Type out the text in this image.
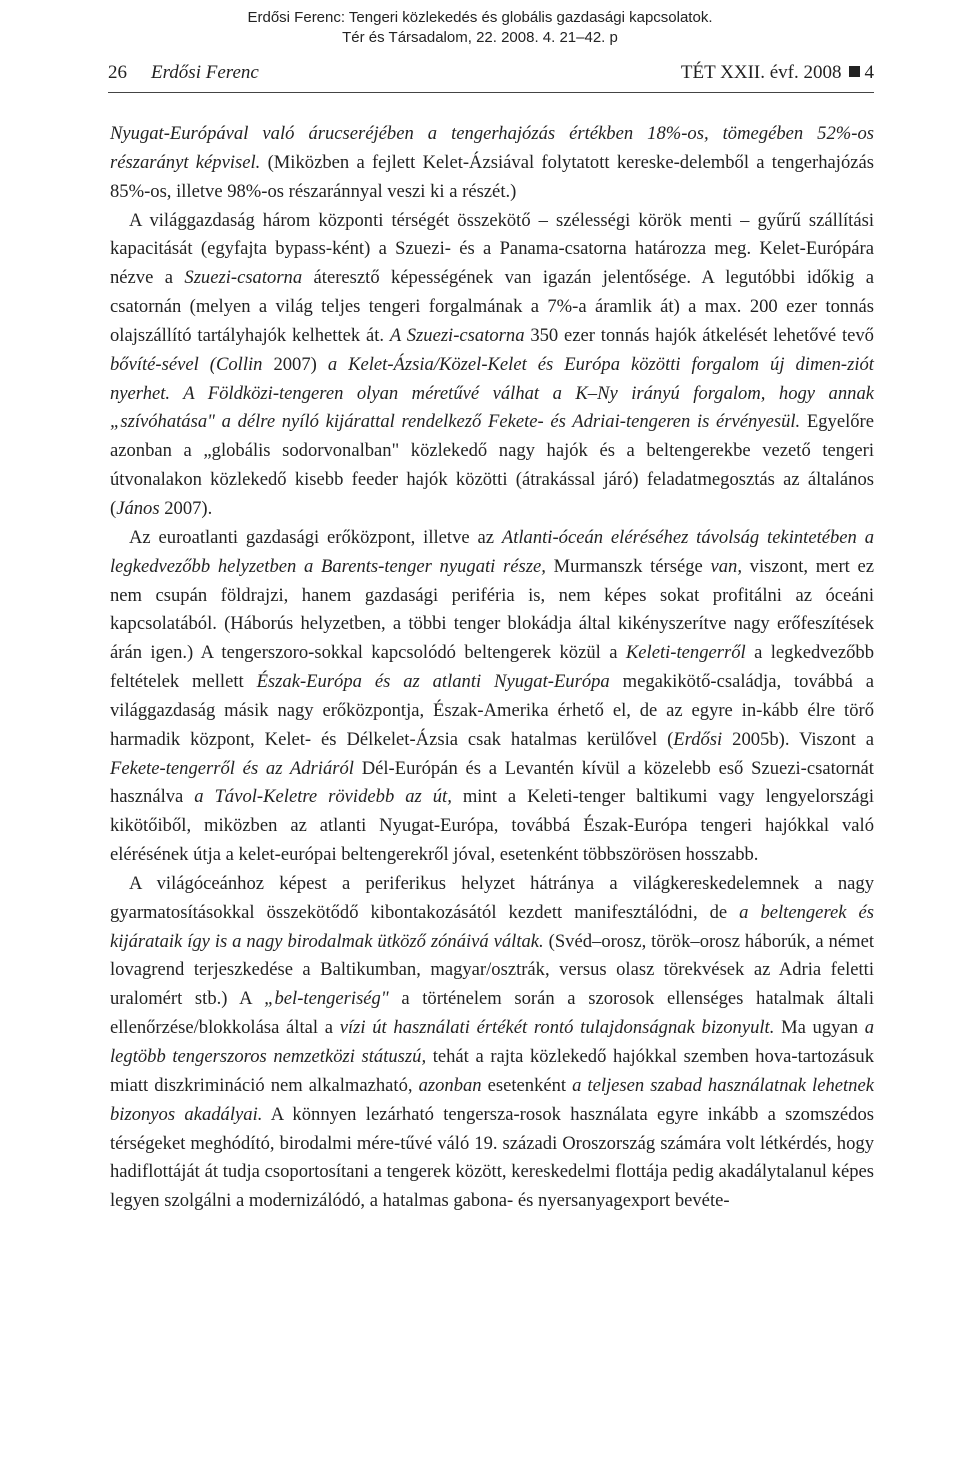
Erdősi Ferenc: Tengeri közlekedés és globális gazdasági kapcsolatok.
Tér és Társadalom, 22. 2008. 4. 21–42. p
26 Erdősi Ferenc	TÉT XXII. évf. 2008 4

Nyugat-Európával való árucseréjében a tengerhajózás értékben 18%-os, tömegében 52%-os részarányt képvisel. (Miközben a fejlett Kelet-Ázsiával folytatott kereske-delemből a tengerhajózás 85%-os, illetve 98%-os részaránnyal veszi ki a részét.)

A világgazdaság három központi térségét összekötő – szélességi körök menti – gyűrű szállítási kapacitását (egyfajta bypass-ként) a Szuezi- és a Panama-csatorna határozza meg. Kelet-Európára nézve a Szuezi-csatorna áteresztő képességének van igazán jelentősége. A legutóbbi időkig a csatornán (melyen a világ teljes tengeri forgalmának a 7%-a áramlik át) a max. 200 ezer tonnás olajszállító tartályhajók kelhettek át. A Szuezi-csatorna 350 ezer tonnás hajók átkelését lehetővé tevő bővíté-sével (Collin 2007) a Kelet-Ázsia/Közel-Kelet és Európa közötti forgalom új dimen-ziót nyerhet. A Földközi-tengeren olyan méretűvé válhat a K–Ny irányú forgalom, hogy annak „szívóhatása" a délre nyíló kijárattal rendelkező Fekete- és Adriai-tengeren is érvényesül. Egyelőre azonban a „globális sodorvonalban" közlekedő nagy hajók és a beltengerekbe vezető tengeri útvonalakon közlekedő kisebb feeder hajók közötti (átrakással járó) feladatmegosztás az általános (János 2007).

Az euroatlanti gazdasági erőközpont, illetve az Atlanti-óceán eléréséhez távolság tekintetében a legkedvezőbb helyzetben a Barents-tenger nyugati része, Murmanszk térsége van, viszont, mert ez nem csupán földrajzi, hanem gazdasági periféria is, nem képes sokat profitálni az óceáni kapcsolatából. (Háborús helyzetben, a többi tenger blokádja által kikényszerítve nagy erőfeszítések árán igen.) A tengerszoro-sokkal kapcsolódó beltengerek közül a Keleti-tengerről a legkedvezőbb feltételek mellett Észak-Európa és az atlanti Nyugat-Európa megakikötő-családja, továbbá a világgazdaság másik nagy erőközpontja, Észak-Amerika érhető el, de az egyre in-kább élre törő harmadik központ, Kelet- és Délkelet-Ázsia csak hatalmas kerülővel (Erdősi 2005b). Viszont a Fekete-tengerről és az Adriáról Dél-Európán és a Levantén kívül a közelebb eső Szuezi-csatornát használva a Távol-Keletre rövidebb az út, mint a Keleti-tenger baltikumi vagy lengyelországi kikötőiből, miközben az atlanti Nyugat-Európa, továbbá Észak-Európa tengeri hajókkal való elérésének útja a kelet-európai beltengerekről jóval, esetenként többszörösen hosszabb.

A világóceánhoz képest a periferikus helyzet hátránya a világkereskedelemnek a nagy gyarmatosításokkal összekötődő kibontakozásától kezdett manifesztálódni, de a beltengerek és kijárataik így is a nagy birodalmak ütköző zónáivá váltak. (Svéd–orosz, török–orosz háborúk, a német lovagrend terjeszkedése a Baltikumban, magyar/osztrák, versus olasz törekvések az Adria feletti uralomért stb.) A „bel-tengeriség" a történelem során a szorosok ellenséges hatalmak általi ellenőrzése/blokkolása által a vízi út használati értékét rontó tulajdonságnak bizonyult. Ma ugyan a legtöbb tengerszoros nemzetközi státuszú, tehát a rajta közlekedő hajókkal szemben hova-tartozásuk miatt diszkrimináció nem alkalmazható, azonban esetenként a teljesen szabad használatnak lehetnek bizonyos akadályai. A könnyen lezárható tengersza-rosok használata egyre inkább a szomszédos térségeket meghódító, birodalmi mére-tűvé váló 19. századi Oroszország számára volt létkérdés, hogy hadiflottáját át tudja csoportosítani a tengerek között, kereskedelmi flottája pedig akadálytalanul képes legyen szolgálni a modernizálódó, a hatalmas gabona- és nyersanyagexport bevéte-
